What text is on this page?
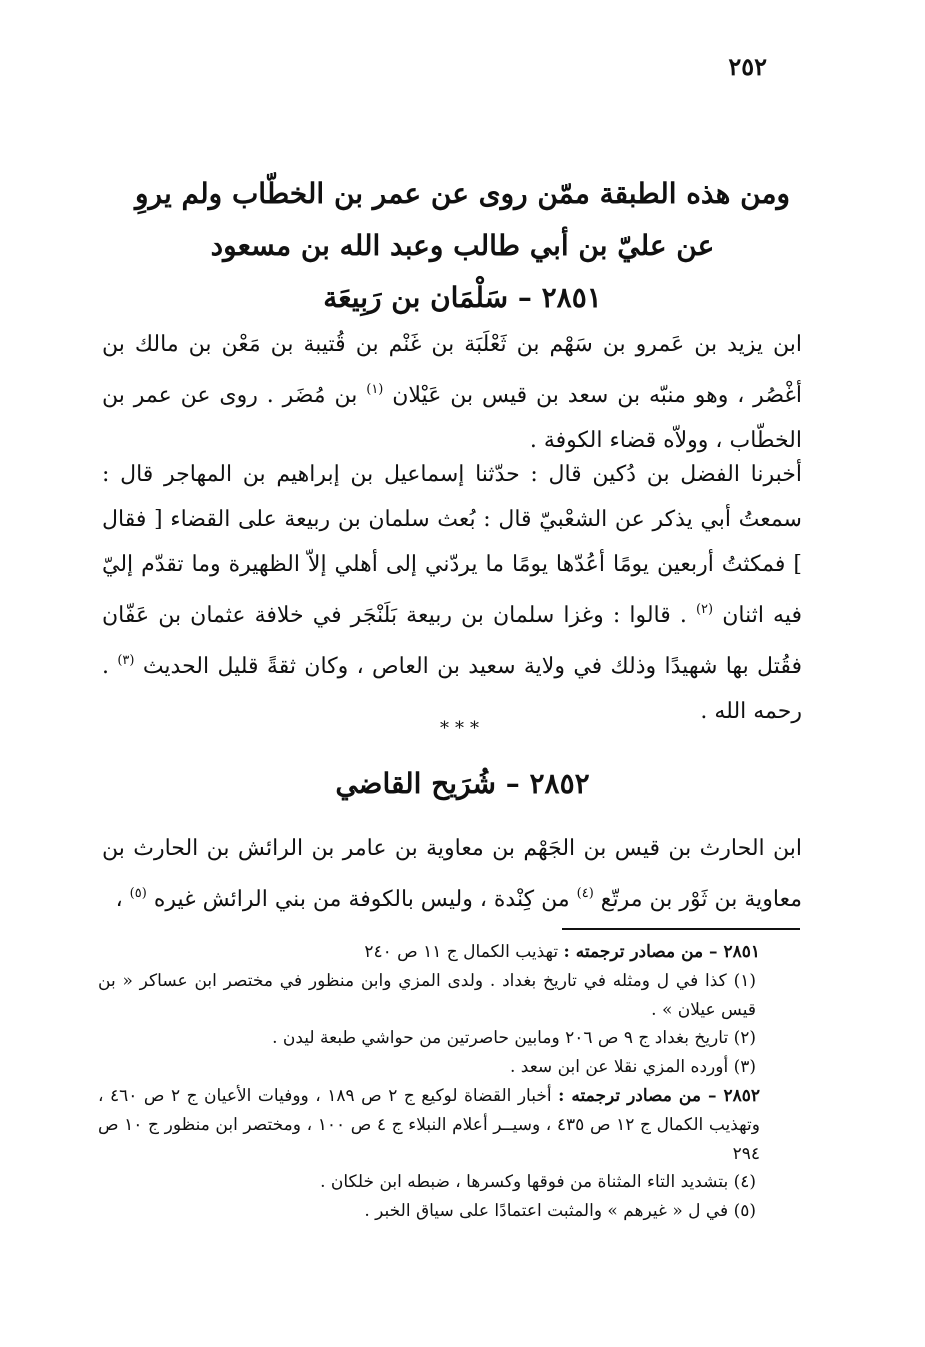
٢٥٢
ومن هذه الطبقة ممّن روى عن عمر بن الخطّاب ولم يروِ
عن عليّ بن أبي طالب وعبد الله بن مسعود
٢٨٥١ – سَلْمَان بن رَبِيعَة
ابن يزيد بن عَمرو بن سَهْم بن ثَعْلَبَة بن غَنْم بن قُتيبة بن مَعْن بن مالك بن أغْصُر ، وهو منبّه بن سعد بن قيس بن عَيْلان $^{(١)}$ بن مُضَر . روى عن عمر بن الخطّاب ، وولاّه قضاء الكوفة .
أخبرنا الفضل بن دُكين قال : حدّثنا إسماعيل بن إبراهيم بن المهاجر قال : سمعتُ أبي يذكر عن الشعْبيّ قال : بُعث سلمان بن ربيعة على القضاء [ فقال ] فمكثتُ أربعين يومًا أعُدّها يومًا ما يردّني إلى أهلي إلاّ الظهيرة وما تقدّم إليّ فيه اثنان $^{(٢)}$ . قالوا : وغزا سلمان بن ربيعة بَلَنْجَر في خلافة عثمان بن عَفّان فقُتل بها شهيدًا وذلك في ولاية سعيد بن العاص ، وكان ثقةً قليل الحديث $^{(٣)}$ . رحمه الله .
***
٢٨٥٢ – شُرَيح القاضي
ابن الحارث بن قيس بن الجَهْم بن معاوية بن عامر بن الرائش بن الحارث بن معاوية بن ثَوْر بن مرتّع $^{(٤)}$ من كِنْدة ، وليس بالكوفة من بني الرائش غيره $^{(٥)}$ ،
٢٨٥١ – من مصادر ترجمته : تهذيب الكمال ج ١١ ص ٢٤٠
(١) كذا في ل ومثله في تاريخ بغداد . ولدى المزي وابن منظور في مختصر ابن عساكر « بن قيس عيلان » .
(٢) تاريخ بغداد ج ٩ ص ٢٠٦ ومابين حاصرتين من حواشي طبعة ليدن .
(٣) أورده المزي نقلا عن ابن سعد .
٢٨٥٢ – من مصادر ترجمته : أخبار القضاة لوكيع ج ٢ ص ١٨٩ ، ووفيات الأعيان ج ٢ ص ٤٦٠ ، وتهذيب الكمال ج ١٢ ص ٤٣٥ ، وسيــر أعلام النبلاء ج ٤ ص ١٠٠ ، ومختصر ابن منظور ج ١٠ ص ٢٩٤
(٤) بتشديد التاء المثناة من فوقها وكسرها ، ضبطه ابن خلكان .
(٥) في ل « غيرهم » والمثبت اعتمادًا على سياق الخبر .
